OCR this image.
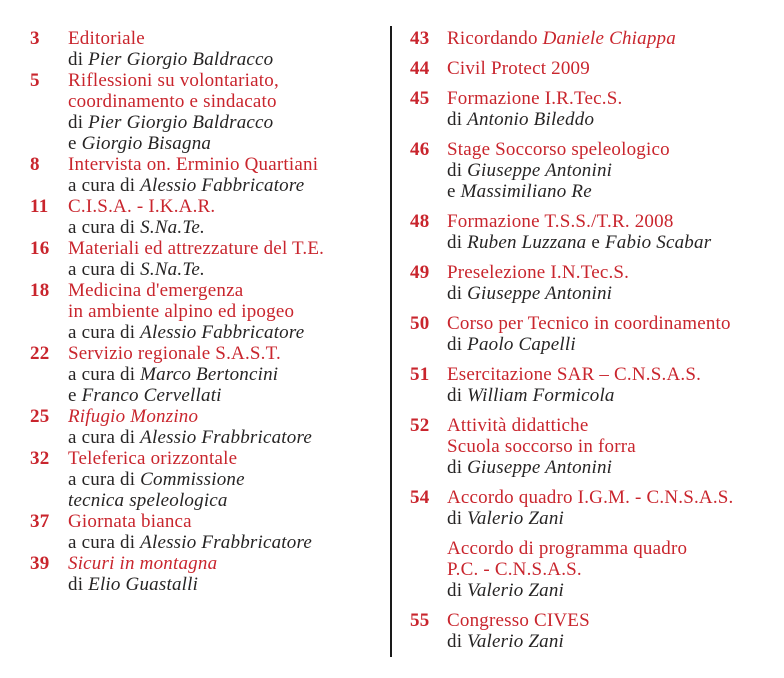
3	Editoriale
di Pier Giorgio Baldracco
5	Riflessioni su volontariato,
coordinamento e sindacato
di Pier Giorgio Baldracco
e Giorgio Bisagna
8	Intervista on. Erminio Quartiani
a cura di Alessio Fabbricatore
11	C.I.S.A. - I.K.A.R.
a cura di S.Na.Te.
16 Materiali ed attrezzature del T.E.
a cura di S.Na.Te.
18 Medicina d'emergenza
in ambiente alpino ed ipogeo
a cura di Alessio Fabbricatore
22 Servizio regionale S.A.S.T.
a cura di Marco Bertoncini
e Franco Cervellati
25 Rifugio Monzino
a cura di Alessio Frabbricatore
32 Teleferica orizzontale
a cura di Commissione
tecnica speleologica
37 Giornata bianca
a cura di Alessio Frabbricatore
39 Sicuri in montagna
di Elio Guastalli
43 Ricordando Daniele Chiappa
44 Civil Protect 2009
45 Formazione I.R.Tec.S.
di Antonio Bileddo
46 Stage Soccorso speleologico
di Giuseppe Antonini
e Massimiliano Re
48 Formazione T.S.S./T.R. 2008
di Ruben Luzzana e Fabio Scabar
49 Preselezione I.N.Tec.S.
di Giuseppe Antonini
50 Corso per Tecnico in coordinamento
di Paolo Capelli
51 Esercitazione SAR – C.N.S.A.S.
di William Formicola
52 Attività didattiche
Scuola soccorso in forra
di Giuseppe Antonini
54 Accordo quadro I.G.M. - C.N.S.A.S.
di Valerio Zani
Accordo di programma quadro
P.C. - C.N.S.A.S.
di Valerio Zani
55 Congresso CIVES
di Valerio Zani
